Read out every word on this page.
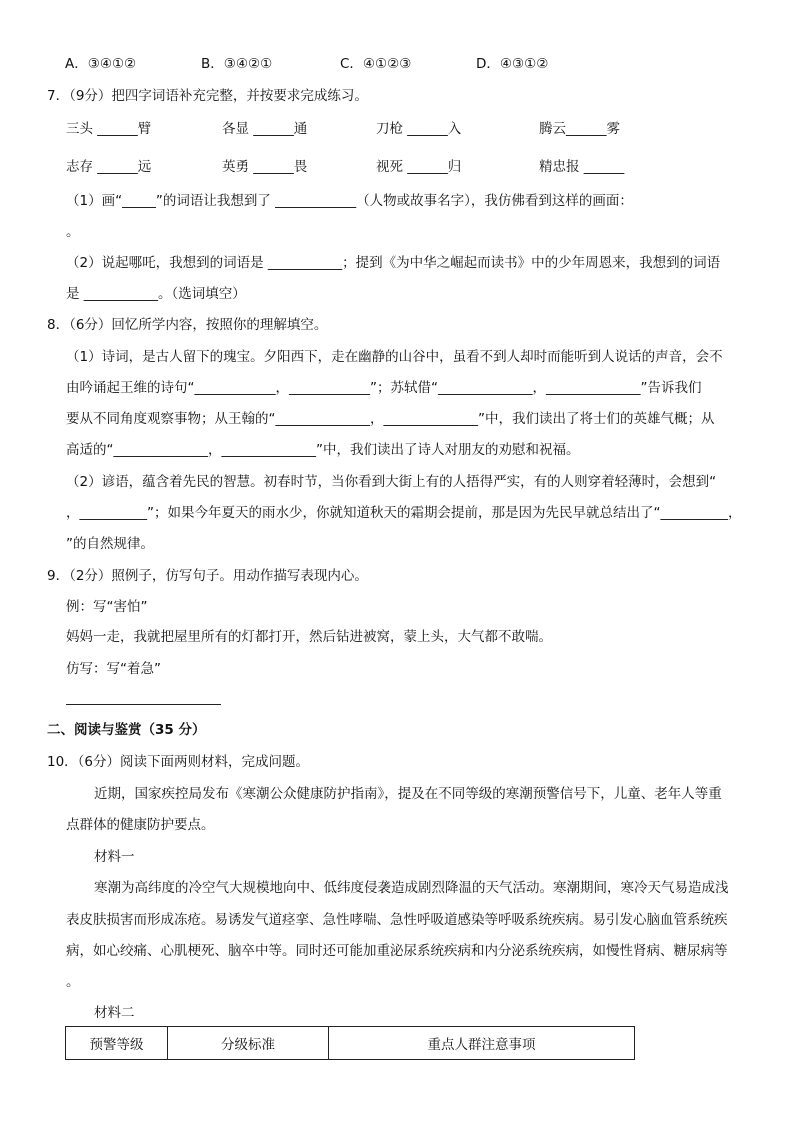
A．③④①②	B．③④②①	C．④①②③	D．④③①②
7．（9分）把四字词语补充完整，并按要求完成练习。
三头 ______臂	各显 ______通	刀枪 ______入	腾云______雾
志存 ______远	英勇 ______畏	视死 ______归	精忠报 ______
（1）画“_____”的词语让我想到了 ____________（人物或故事名字），我仿佛看到这样的画面：
。
（2）说起哪吒，我想到的词语是 ___________；提到《为中华之崛起而读书》中的少年周恩来，我想到的词语
是 ___________。（选词填空）
8．（6分）回忆所学内容，按照你的理解填空。
（1）诗词，是古人留下的瑰宝。夕阳西下，走在幽静的山谷中，虽看不到人却时而能听到人说话的声音，会不
由吟诵起王维的诗句“____________，____________”；苏轼借“______________，______________”告诉我们
要从不同角度观察事物；从王翰的“______________，______________”中，我们读出了将士们的英雄气概；从
高适的“______________，______________”中，我们读出了诗人对朋友的劝慰和祝福。
（2）谚语，蕴含着先民的智慧。初春时节，当你看到大街上有的人捂得严实，有的人则穿着轻薄时，会想到“
，__________”；如果今年夏天的雨水少，你就知道秋天的霜期会提前，那是因为先民早就总结出了“__________，
”的自然规律。
9．（2分）照例子，仿写句子。用动作描写表现内心。
例：写“害怕”
妈妈一走，我就把屋里所有的灯都打开，然后钻进被窝，蒙上头，大气都不敢喘。
仿写：写“着急”
二、阅读与鉴赏（35 分）
10．（6分）阅读下面两则材料，完成问题。
近期，国家疾控局发布《寒潮公众健康防护指南》，提及在不同等级的寒潮预警信号下，儿童、老年人等重
点群体的健康防护要点。
材料一
寒潮为高纬度的冷空气大规模地向中、低纬度侵袭造成剧烈降温的天气活动。寒潮期间，寒冷天气易造成浅
表皮肤损害而形成冻疮。易诱发气道痉挛、急性哮喘、急性呼吸道感染等呼吸系统疾病。易引发心脑血管系统疾
病，如心绞痛、心肌梗死、脑卒中等。同时还可能加重泌尿系统疾病和内分泌系统疾病，如慢性肾病、糖尿病等
。
材料二
预警等级	分级标准	重点人群注意事项
